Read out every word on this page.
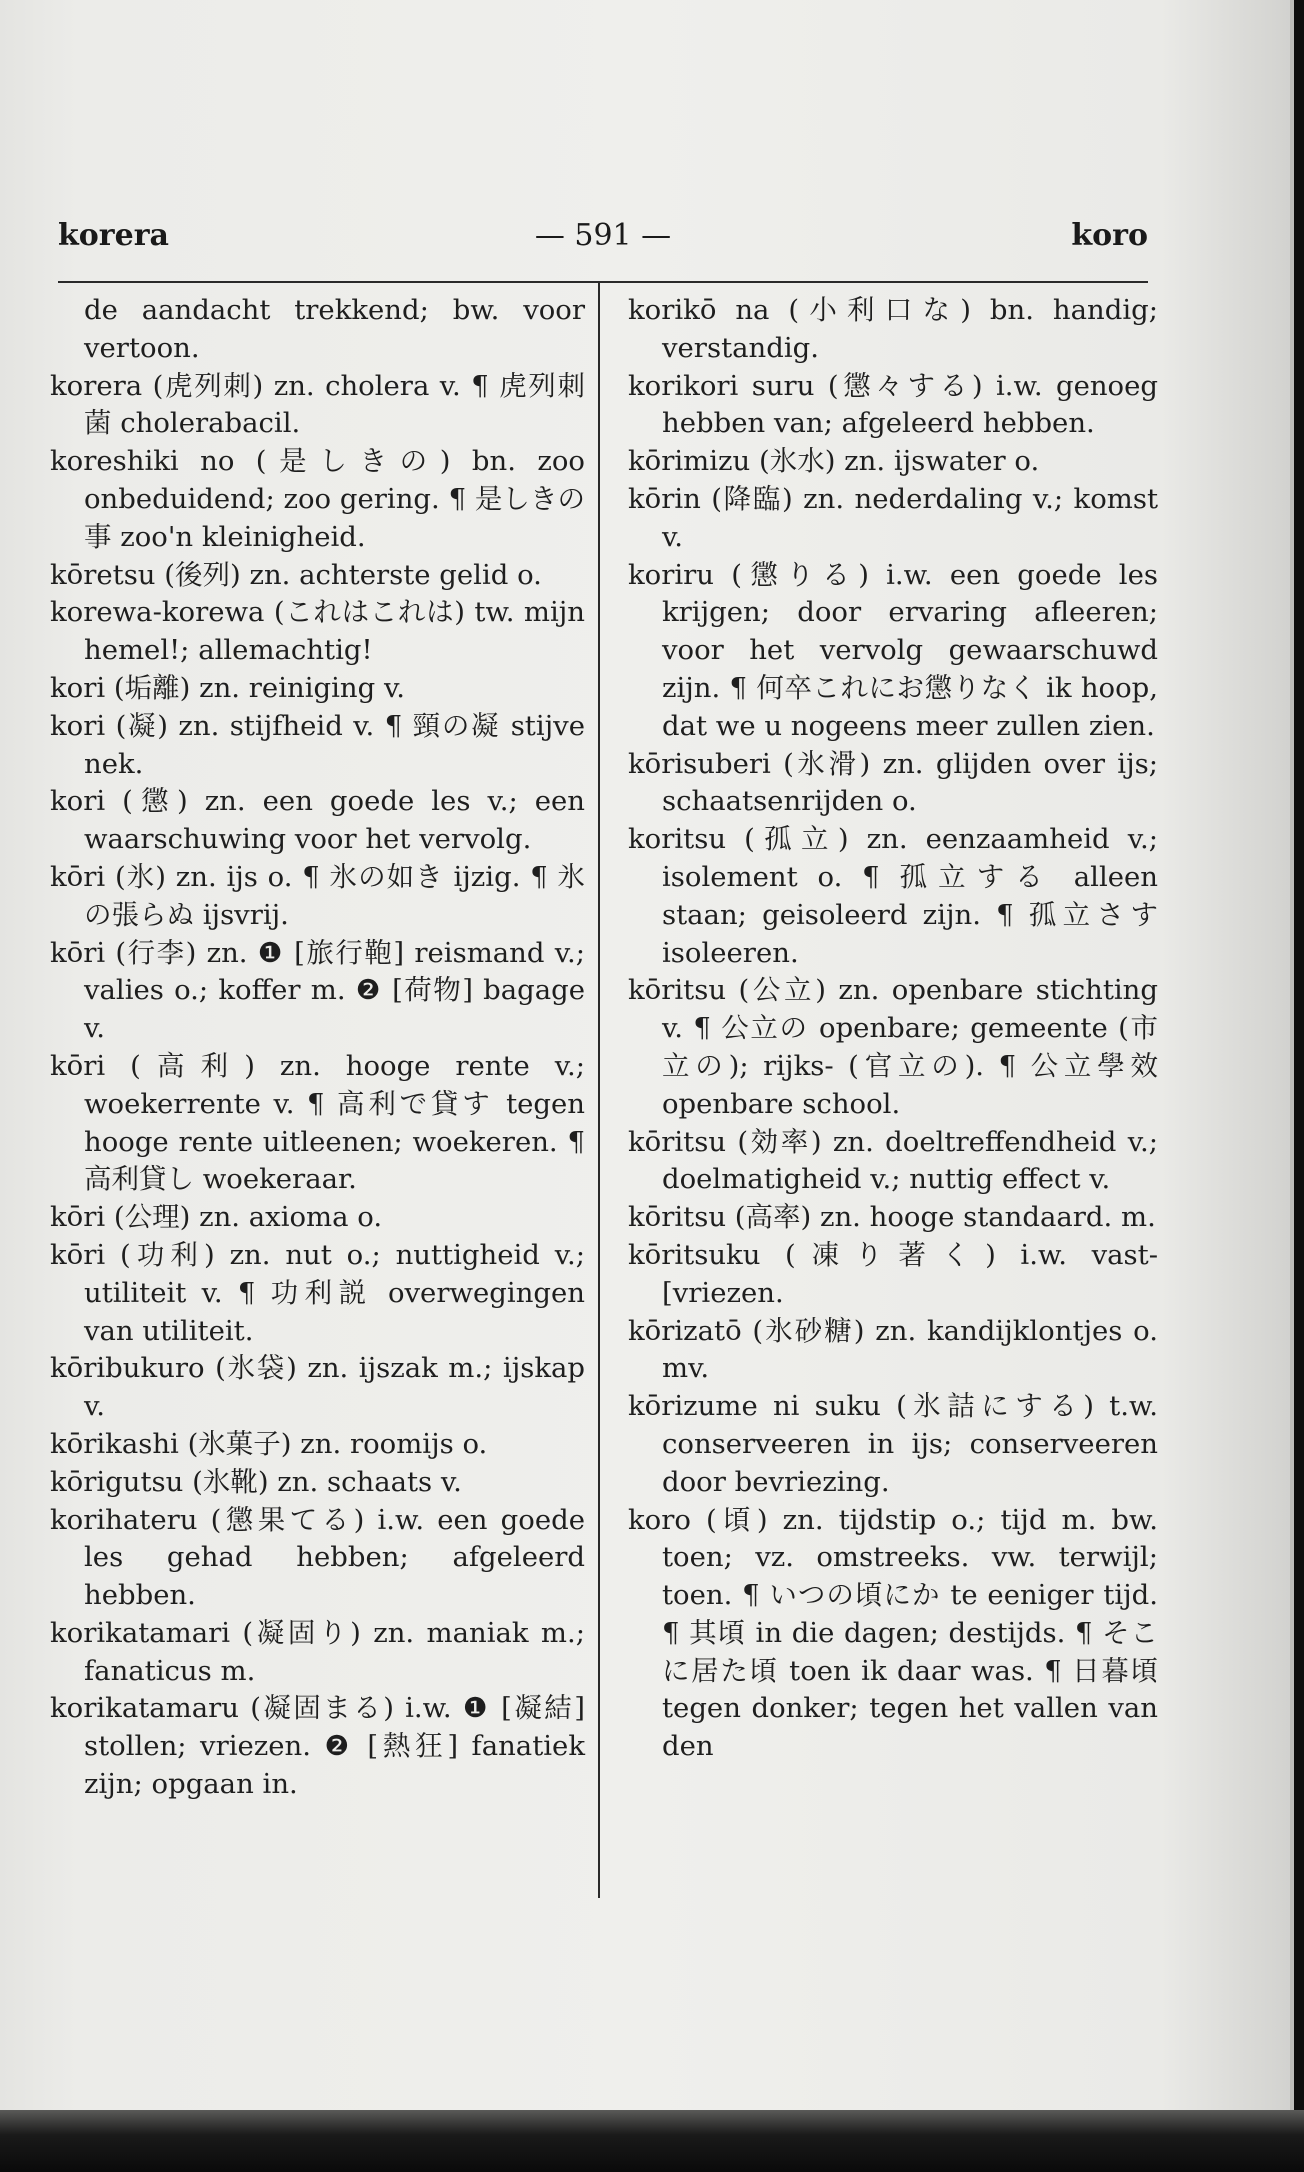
korera	— 591 —	koro

de aandacht trekkend; bw. voor vertoon.

korera (虎列刺) zn. cholera v. ¶ 虎列刺菌 cholerabacil.

koreshiki no (是しきの) bn. zoo onbeduidend; zoo gering. ¶ 是しきの事 zoo'n kleinigheid.

kōretsu (後列) zn. achterste gelid o.

korewa-korewa (これはこれは) tw. mijn hemel!; allemachtig!

kori (垢離) zn. reiniging v.

kori (凝) zn. stijfheid v. ¶ 頸の凝 stijve nek.

kori (懲) zn. een goede les v.; een waarschuwing voor het vervolg.

kōri (氷) zn. ijs o. ¶ 氷の如き ijzig. ¶ 氷の張らぬ ijsvrij.

kōri (行李) zn. ❶ [旅行鞄] reismand v.; valies o.; koffer m. ❷ [荷物] bagage v.

kōri (高利) zn. hooge rente v.; woekerrente v. ¶ 高利で貸す tegen hooge rente uitleenen; woekeren. ¶ 高利貸し woekeraar.

kōri (公理) zn. axioma o.

kōri (功利) zn. nut o.; nuttigheid v.; utiliteit v. ¶ 功利説 overwegingen van utiliteit.

kōribukuro (氷袋) zn. ijszak m.; ijskap v.

kōrikashi (氷菓子) zn. roomijs o.

kōrigutsu (氷靴) zn. schaats v.

korihateru (懲果てる) i.w. een goede les gehad hebben; afgeleerd hebben.

korikatamari (凝固り) zn. maniak m.; fanaticus m.

korikatamaru (凝固まる) i.w. ❶ [凝結] stollen; vriezen. ❷ [熱狂] fanatiek zijn; opgaan in.

korikō na (小利口な) bn. handig; verstandig.

korikori suru (懲々する) i.w. genoeg hebben van; afgeleerd hebben.

kōrimizu (氷水) zn. ijswater o.

kōrin (降臨) zn. nederdaling v.; komst v.

koriru (懲りる) i.w. een goede les krijgen; door ervaring afleeren; voor het vervolg gewaarschuwd zijn. ¶ 何卒これにお懲りなく ik hoop, dat we u nogeens meer zullen zien.

kōrisuberi (氷滑) zn. glijden over ijs; schaatsenrijden o.

koritsu (孤立) zn. eenzaamheid v.; isolement o. ¶ 孤立する alleen staan; geisoleerd zijn. ¶ 孤立さす isoleeren.

kōritsu (公立) zn. openbare stichting v. ¶ 公立の openbare; gemeente (市立の); rijks- (官立の). ¶ 公立學效 openbare school.

kōritsu (効率) zn. doeltreffendheid v.; doelmatigheid v.; nuttig effect v.

kōritsu (高率) zn. hooge standaard. m.

kōritsuku (凍り著く) i.w. vast- [vriezen.

kōrizatō (氷砂糖) zn. kandijklontjes o. mv.

kōrizume ni suku (氷詰にする) t.w. conserveeren in ijs; conserveeren door bevriezing.

koro (頃) zn. tijdstip o.; tijd m. bw. toen; vz. omstreeks. vw. terwijl; toen. ¶ いつの頃にか te eeniger tijd. ¶ 其頃 in die dagen; destijds. ¶ そこに居た頃 toen ik daar was. ¶ 日暮頃 tegen donker; tegen het vallen van den
